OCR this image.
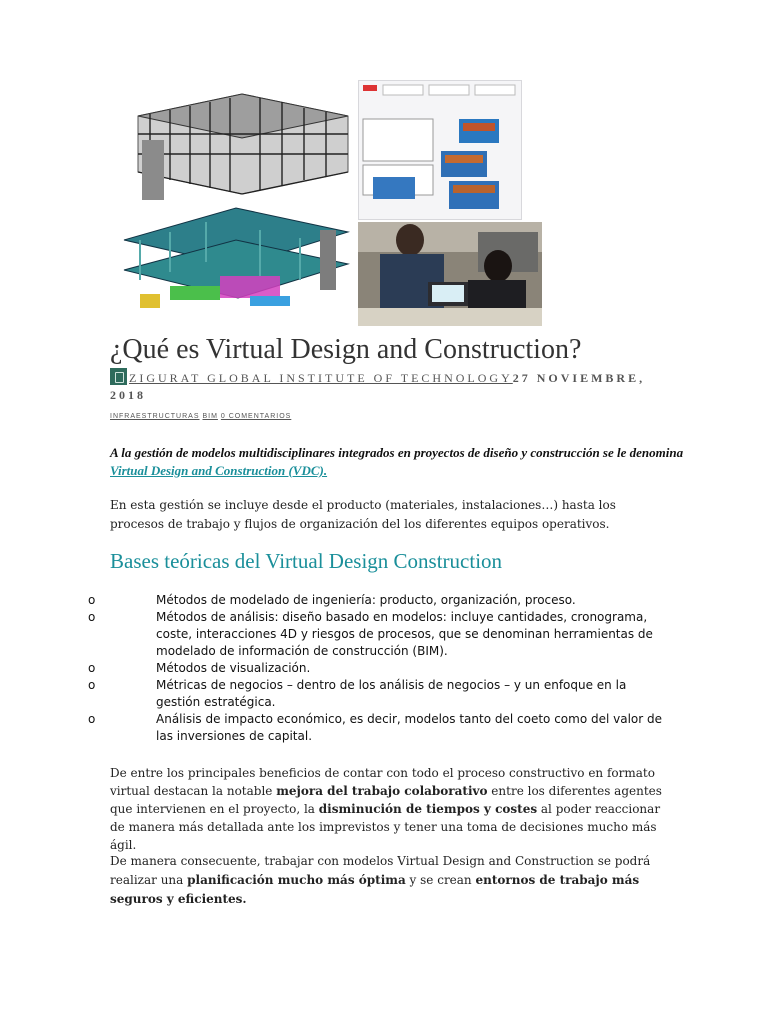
¿Qué es Virtual Design and Construction?
ZIGURAT GLOBAL INSTITUTE OF TECHNOLOGY27 NOVIEMBRE, 2018
INFRAESTRUCTURAS BIM 0 COMENTARIOS

A la gestión de modelos multidisciplinares integrados en proyectos de diseño y construcción se le denomina Virtual Design and Construction (VDC).

En esta gestión se incluye desde el producto (materiales, instalaciones…) hasta los procesos de trabajo y flujos de organización del los diferentes equipos operativos.

Bases teóricas del Virtual Design Construction
o	Métodos de modelado de ingeniería: producto, organización, proceso.
o	Métodos de análisis: diseño basado en modelos: incluye cantidades, cronograma, coste, interacciones 4D y riesgos de procesos, que se denominan herramientas de modelado de información de construcción (BIM).
o	Métodos de visualización.
o	Métricas de negocios – dentro de los análisis de negocios – y un enfoque en la gestión estratégica.
o	Análisis de impacto económico, es decir, modelos tanto del coeto como del valor de las inversiones de capital.

De entre los principales beneficios de contar con todo el proceso constructivo en formato virtual destacan la notable mejora del trabajo colaborativo entre los diferentes agentes que intervienen en el proyecto, la disminución de tiempos y costes al poder reaccionar de manera más detallada ante los imprevistos y tener una toma de decisiones mucho más ágil.

De manera consecuente, trabajar con modelos Virtual Design and Construction se podrá realizar una planificación mucho más óptima y se crean entornos de trabajo más seguros y eficientes.
